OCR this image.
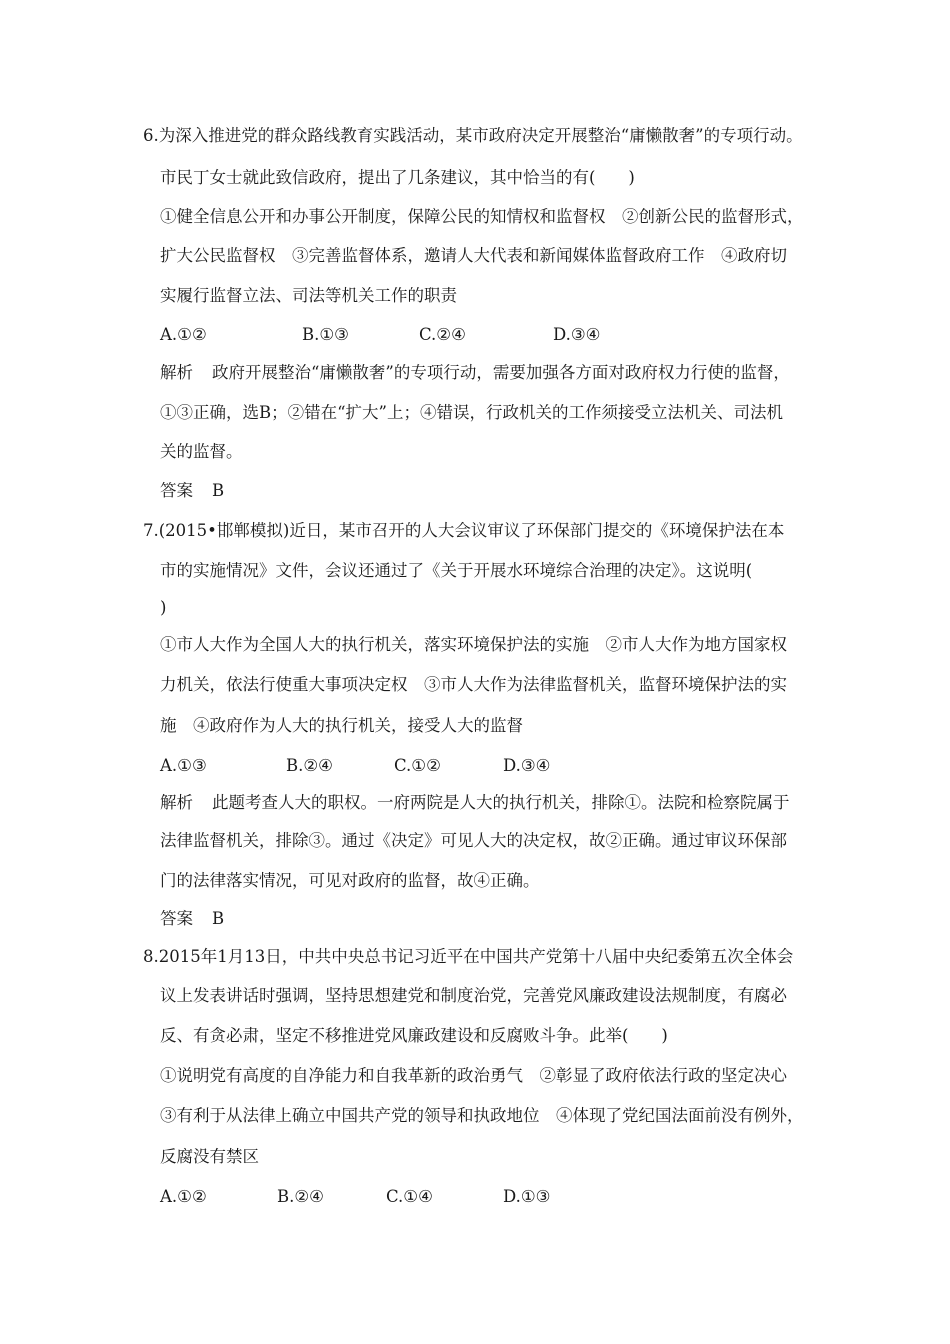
6.为深入推进党的群众路线教育实践活动，某市政府决定开展整治“庸懒散奢”的专项行动。
市民丁女士就此致信政府，提出了几条建议，其中恰当的有(　　)
①健全信息公开和办事公开制度，保障公民的知情权和监督权　②创新公民的监督形式，
扩大公民监督权　③完善监督体系，邀请人大代表和新闻媒体监督政府工作　④政府切
实履行监督立法、司法等机关工作的职责
A.①②	B.①③	C.②④	D.③④
解析 政府开展整治“庸懒散奢”的专项行动，需要加强各方面对政府权力行使的监督，
①③正确，选B；②错在“扩大”上；④错误，行政机关的工作须接受立法机关、司法机
关的监督。
答案 B
7.(2015•邯郸模拟)近日，某市召开的人大会议审议了环保部门提交的《环境保护法在本
市的实施情况》文件，会议还通过了《关于开展水环境综合治理的决定》。这说明(
)
①市人大作为全国人大的执行机关，落实环境保护法的实施　②市人大作为地方国家权
力机关，依法行使重大事项决定权　③市人大作为法律监督机关，监督环境保护法的实
施　④政府作为人大的执行机关，接受人大的监督
A.①③	B.②④	C.①②	D.③④
解析 此题考查人大的职权。一府两院是人大的执行机关，排除①。法院和检察院属于
法律监督机关，排除③。通过《决定》可见人大的决定权，故②正确。通过审议环保部
门的法律落实情况，可见对政府的监督，故④正确。
答案 B
8.2015年1月13日，中共中央总书记习近平在中国共产党第十八届中央纪委第五次全体会
议上发表讲话时强调，坚持思想建党和制度治党，完善党风廉政建设法规制度，有腐必
反、有贪必肃，坚定不移推进党风廉政建设和反腐败斗争。此举(　　)
①说明党有高度的自净能力和自我革新的政治勇气　②彰显了政府依法行政的坚定决心
③有利于从法律上确立中国共产党的领导和执政地位　④体现了党纪国法面前没有例外，
反腐没有禁区
A.①②	B.②④	C.①④	D.①③
